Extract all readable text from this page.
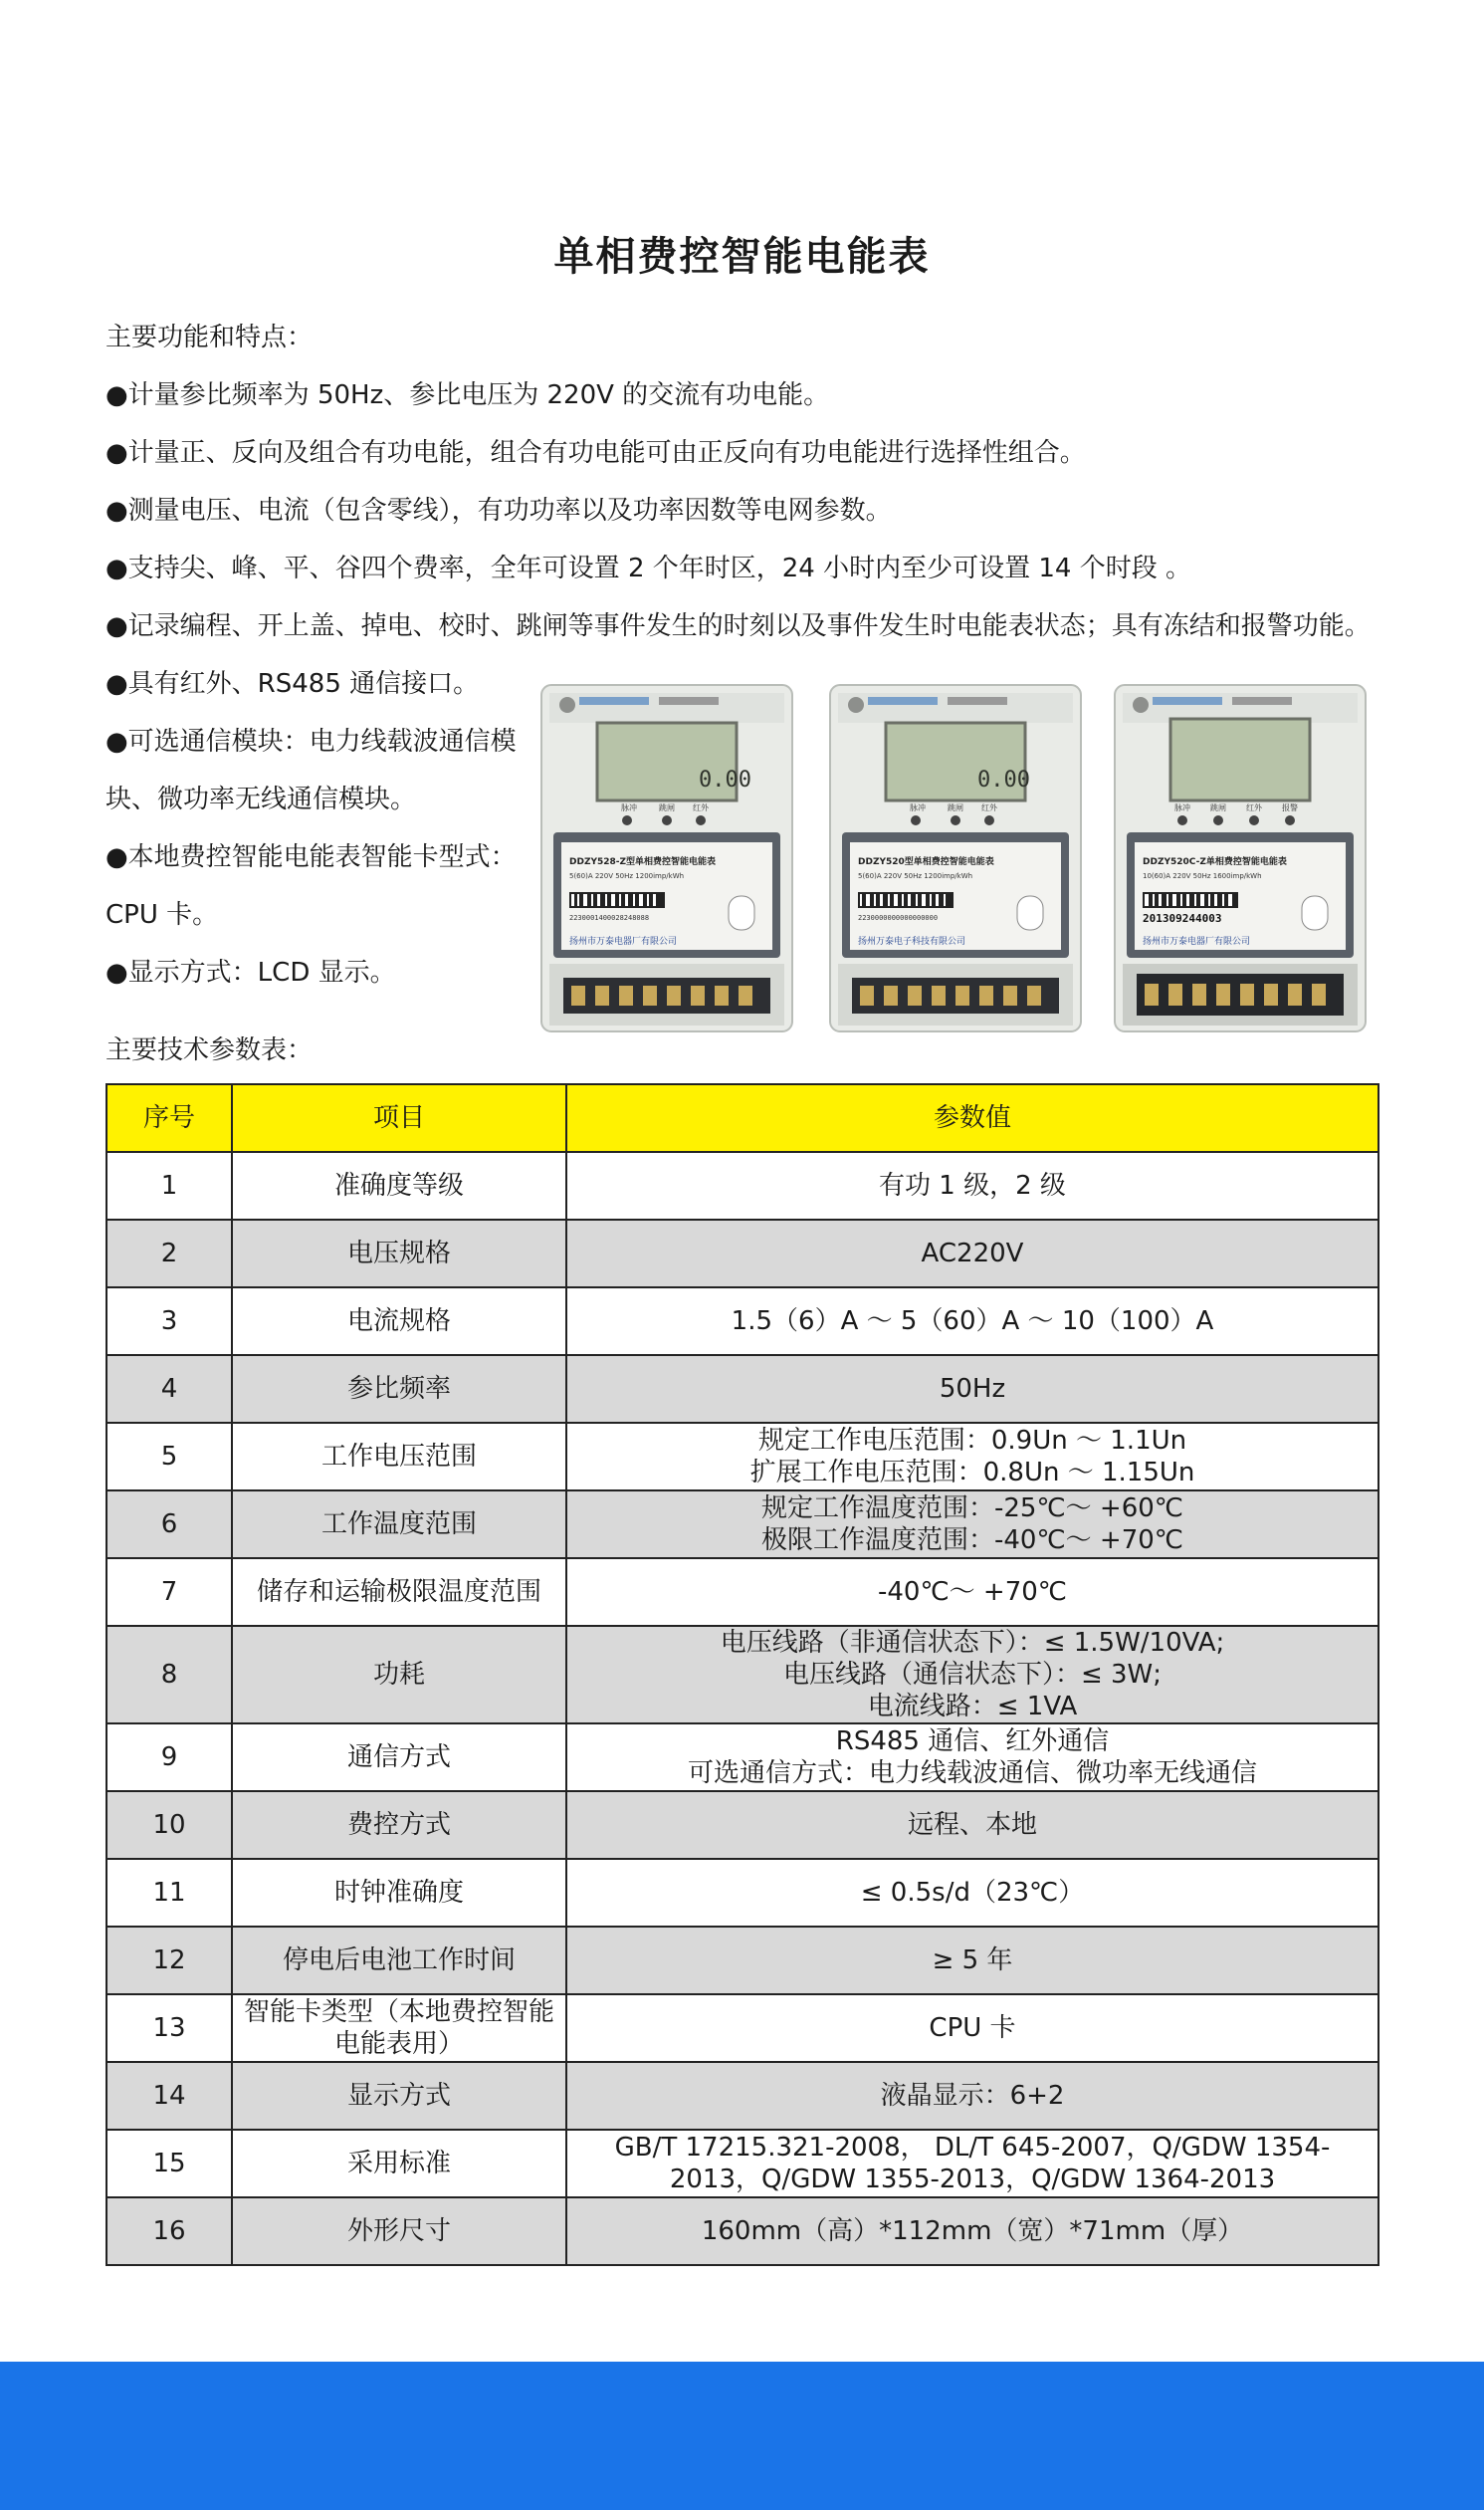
单相费控智能电能表
主要功能和特点：
●计量参比频率为 50Hz、参比电压为 220V 的交流有功电能。
●计量正、反向及组合有功电能，组合有功电能可由正反向有功电能进行选择性组合。
●测量电压、电流（包含零线），有功功率以及功率因数等电网参数。
●支持尖、峰、平、谷四个费率，全年可设置 2 个年时区，24 小时内至少可设置 14 个时段 。
●记录编程、开上盖、掉电、校时、跳闸等事件发生的时刻以及事件发生时电能表状态；具有冻结和报警功能。
●具有红外、RS485 通信接口。
●可选通信模块：电力线载波通信模块、微功率无线通信模块。
●本地费控智能电能表智能卡型式：CPU 卡。
●显示方式：LCD 显示。
0.00
脉冲	跳闸 红外
DDZY528-Z型单相费控智能电能表
5(60)A 220V 50Hz 1200imp/kWh
2230001400028248088
扬州市万泰电器厂有限公司
0.00
脉冲	跳闸 红外
DDZY520型单相费控智能电能表
5(60)A 220V 50Hz 1200imp/kWh
2230000000000000000
扬州万泰电子科技有限公司
脉冲	跳闸	红外	报警
DDZY520C-Z单相费控智能电能表
10(60)A 220V 50Hz 1600imp/kWh
201309244003
扬州市万泰电器厂有限公司
主要技术参数表：
序号	项目	参数值
1	准确度等级	有功 1 级，2 级

2	电压规格	AC220V

3	电流规格	1.5（6）A ～ 5（60）A ～ 10（100）A

4	参比频率	50Hz

5	工作电压范围	规定工作电压范围：0.9Un ～ 1.1Un
扩展工作电压范围：0.8Un ～ 1.15Un

6	工作温度范围	规定工作温度范围：-25℃～ +60℃
极限工作温度范围：-40℃～ +70℃

7	储存和运输极限温度范围	-40℃～ +70℃

8	功耗	电压线路（非通信状态下）：≤ 1.5W/10VA;
电压线路（通信状态下）：≤ 3W;
电流线路：≤ 1VA

9	通信方式	RS485 通信、红外通信
可选通信方式：电力线载波通信、微功率无线通信

10	费控方式	远程、本地

11	时钟准确度	≤ 0.5s/d（23℃）

12	停电后电池工作时间	≥ 5 年

13	智能卡类型（本地费控智能电能表用）	CPU 卡

14	显示方式	液晶显示：6+2

15	采用标准	GB/T 17215.321-2008， DL/T 645-2007，Q/GDW 1354-
2013，Q/GDW 1355-2013，Q/GDW 1364-2013

16	外形尺寸	160mm（高）*112mm（宽）*71mm（厚）
